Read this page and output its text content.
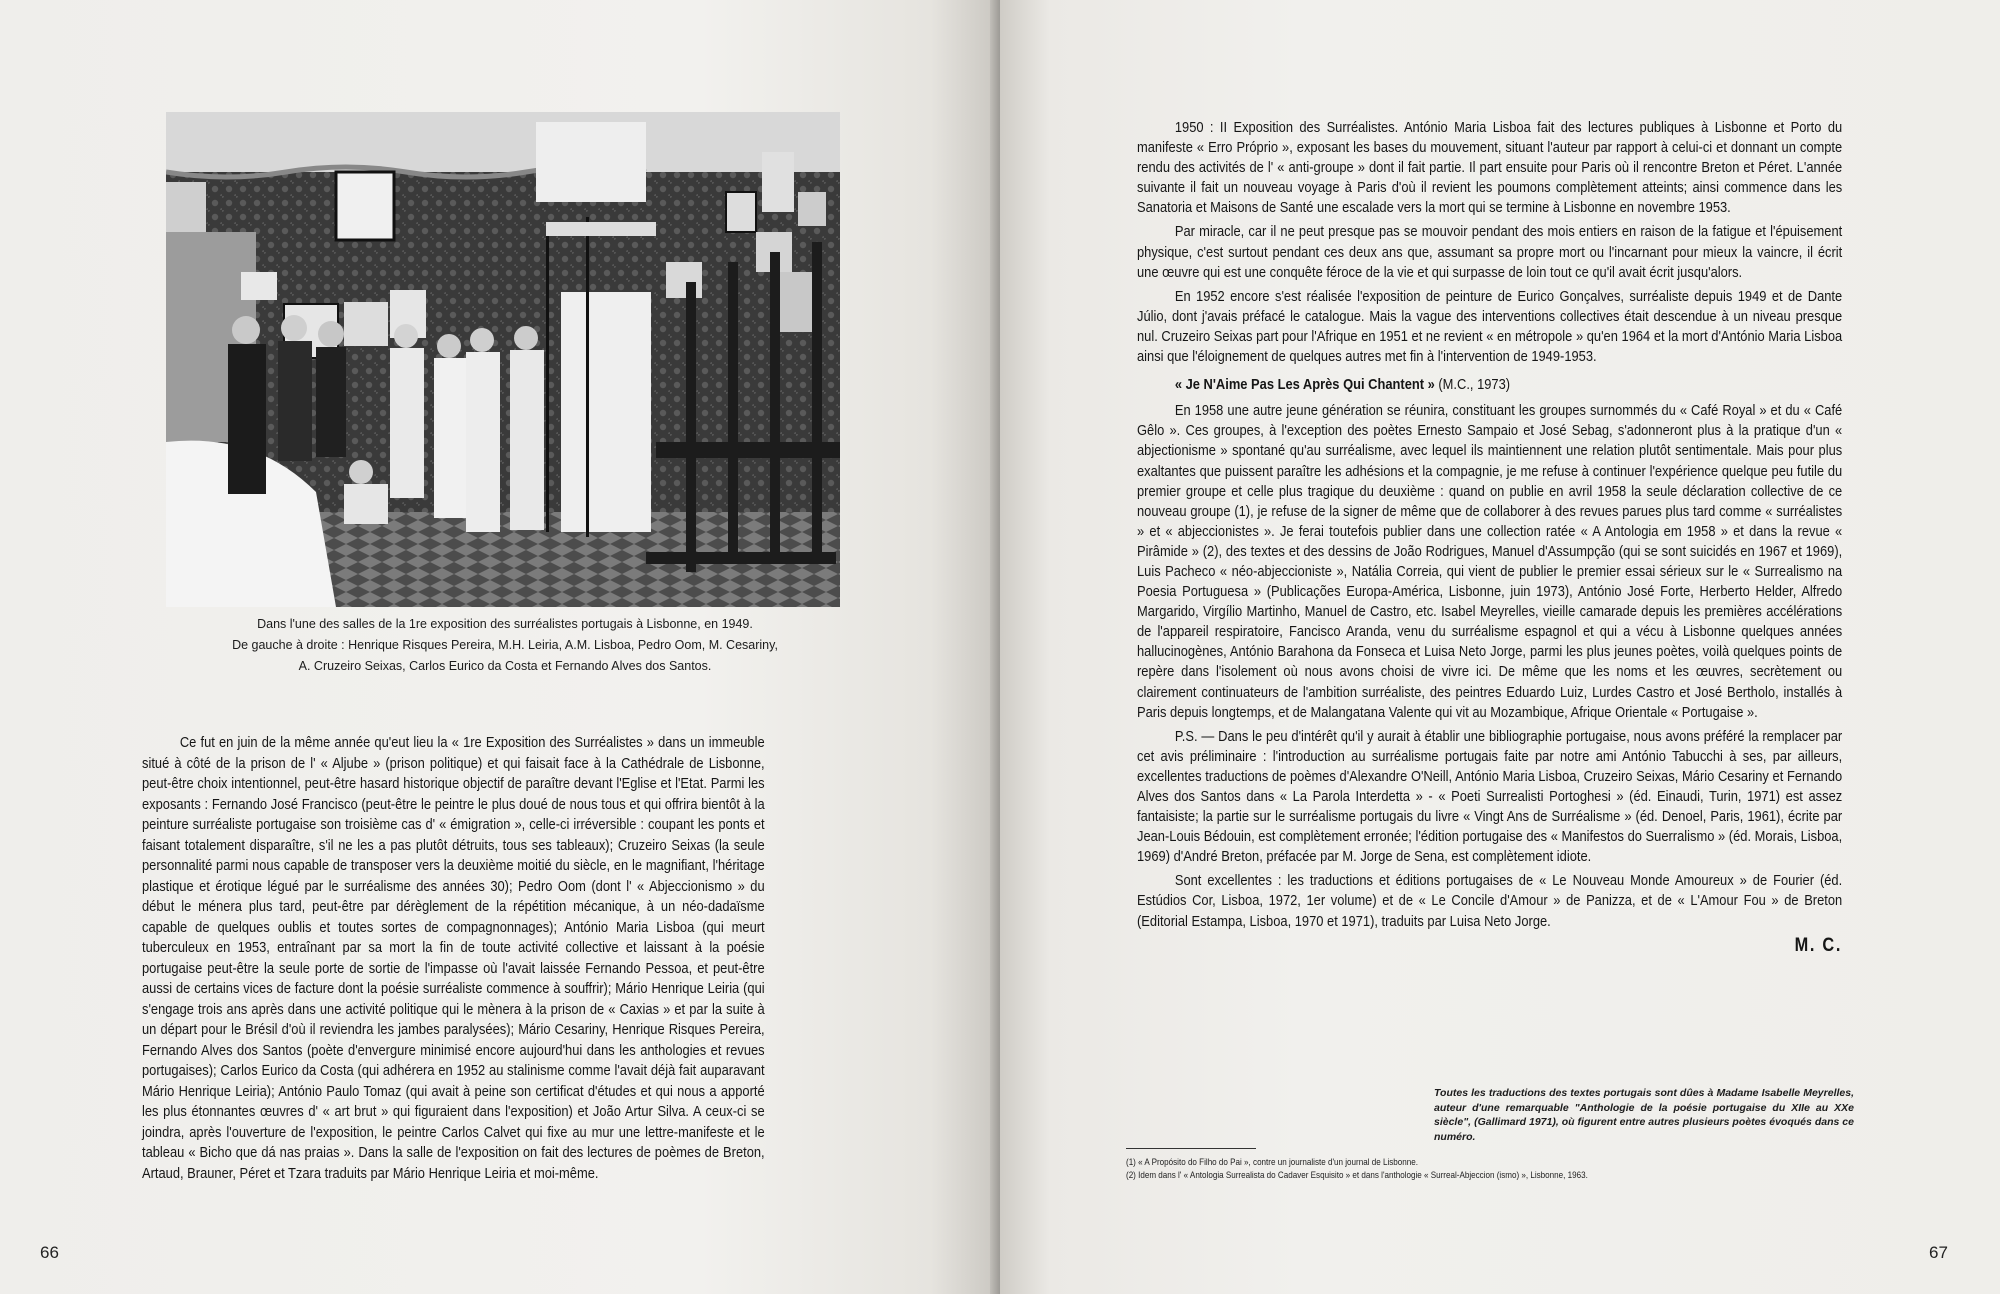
Dans l'une des salles de la 1re exposition des surréalistes portugais à Lisbonne, en 1949.
De gauche à droite : Henrique Risques Pereira, M.H. Leiria, A.M. Lisboa, Pedro Oom, M. Cesariny,
A. Cruzeiro Seixas, Carlos Eurico da Costa et Fernando Alves dos Santos.

Ce fut en juin de la même année qu'eut lieu la « 1re Exposition des Surréalistes » dans un immeuble situé à côté de la prison de l' « Aljube » (prison politique) et qui faisait face à la Cathédrale de Lisbonne, peut-être choix intentionnel, peut-être hasard historique objectif de paraître devant l'Eglise et l'Etat. Parmi les exposants : Fernando José Francisco (peut-être le peintre le plus doué de nous tous et qui offrira bientôt à la peinture surréaliste portugaise son troisième cas d' « émigration », celle-ci irréversible : coupant les ponts et faisant totalement disparaître, s'il ne les a pas plutôt détruits, tous ses tableaux); Cruzeiro Seixas (la seule personnalité parmi nous capable de transposer vers la deuxième moitié du siècle, en le magnifiant, l'héritage plastique et érotique légué par le surréalisme des années 30); Pedro Oom (dont l' « Abjeccionismo » du début le ménera plus tard, peut-être par dérèglement de la répétition mécanique, à un néo-dadaïsme capable de quelques oublis et toutes sortes de compagnonnages); António Maria Lisboa (qui meurt tuberculeux en 1953, entraînant par sa mort la fin de toute activité collective et laissant à la poésie portugaise peut-être la seule porte de sortie de l'impasse où l'avait laissée Fernando Pessoa, et peut-être aussi de certains vices de facture dont la poésie surréaliste commence à souffrir); Mário Henrique Leiria (qui s'engage trois ans après dans une activité politique qui le mènera à la prison de « Caxias » et par la suite à un départ pour le Brésil d'où il reviendra les jambes paralysées); Mário Cesariny, Henrique Risques Pereira, Fernando Alves dos Santos (poète d'envergure minimisé encore aujourd'hui dans les anthologies et revues portugaises); Carlos Eurico da Costa (qui adhérera en 1952 au stalinisme comme l'avait déjà fait auparavant Mário Henrique Leiria); António Paulo Tomaz (qui avait à peine son certificat d'études et qui nous a apporté les plus étonnantes œuvres d' « art brut » qui figuraient dans l'exposition) et João Artur Silva. A ceux-ci se joindra, après l'ouverture de l'exposition, le peintre Carlos Calvet qui fixe au mur une lettre-manifeste et le tableau « Bicho que dá nas praias ». Dans la salle de l'exposition on fait des lectures de poèmes de Breton, Artaud, Brauner, Péret et Tzara traduits par Mário Henrique Leiria et moi-même.

66

1950 : II Exposition des Surréalistes. António Maria Lisboa fait des lectures publiques à Lisbonne et Porto du manifeste « Erro Próprio », exposant les bases du mouvement, situant l'auteur par rapport à celui-ci et donnant un compte rendu des activités de l' « anti-groupe » dont il fait partie. Il part ensuite pour Paris où il rencontre Breton et Péret. L'année suivante il fait un nouveau voyage à Paris d'où il revient les poumons complètement atteints; ainsi commence dans les Sanatoria et Maisons de Santé une escalade vers la mort qui se termine à Lisbonne en novembre 1953.

Par miracle, car il ne peut presque pas se mouvoir pendant des mois entiers en raison de la fatigue et l'épuisement physique, c'est surtout pendant ces deux ans que, assumant sa propre mort ou l'incarnant pour mieux la vaincre, il écrit une œuvre qui est une conquête féroce de la vie et qui surpasse de loin tout ce qu'il avait écrit jusqu'alors.

En 1952 encore s'est réalisée l'exposition de peinture de Eurico Gonçalves, surréaliste depuis 1949 et de Dante Júlio, dont j'avais préfacé le catalogue. Mais la vague des interventions collectives était descendue à un niveau presque nul. Cruzeiro Seixas part pour l'Afrique en 1951 et ne revient « en métropole » qu'en 1964 et la mort d'António Maria Lisboa ainsi que l'éloignement de quelques autres met fin à l'intervention de 1949-1953.

« Je N'Aime Pas Les Après Qui Chantent » (M.C., 1973)

En 1958 une autre jeune génération se réunira, constituant les groupes surnommés du « Café Royal » et du « Café Gêlo ». Ces groupes, à l'exception des poètes Ernesto Sampaio et José Sebag, s'adonneront plus à la pratique d'un « abjectionisme » spontané qu'au surréalisme, avec lequel ils maintiennent une relation plutôt sentimentale. Mais pour plus exaltantes que puissent paraître les adhésions et la compagnie, je me refuse à continuer l'expérience quelque peu futile du premier groupe et celle plus tragique du deuxième : quand on publie en avril 1958 la seule déclaration collective de ce nouveau groupe (1), je refuse de la signer de même que de collaborer à des revues parues plus tard comme « surréalistes » et « abjeccionistes ». Je ferai toutefois publier dans une collection ratée « A Antologia em 1958 » et dans la revue « Pirâmide » (2), des textes et des dessins de João Rodrigues, Manuel d'Assumpção (qui se sont suicidés en 1967 et 1969), Luis Pacheco « néo-abjeccioniste », Natália Correia, qui vient de publier le premier essai sérieux sur le « Surrealismo na Poesia Portuguesa » (Publicações Europa-América, Lisbonne, juin 1973), António José Forte, Herberto Helder, Alfredo Margarido, Virgílio Martinho, Manuel de Castro, etc. Isabel Meyrelles, vieille camarade depuis les premières accélérations de l'appareil respiratoire, Fancisco Aranda, venu du surréalisme espagnol et qui a vécu à Lisbonne quelques années hallucinogènes, António Barahona da Fonseca et Luisa Neto Jorge, parmi les plus jeunes poètes, voilà quelques points de repère dans l'isolement où nous avons choisi de vivre ici. De même que les noms et les œuvres, secrètement ou clairement continuateurs de l'ambition surréaliste, des peintres Eduardo Luiz, Lurdes Castro et José Bertholo, installés à Paris depuis longtemps, et de Malangatana Valente qui vit au Mozambique, Afrique Orientale « Portugaise ».

P.S. — Dans le peu d'intérêt qu'il y aurait à établir une bibliographie portugaise, nous avons préféré la remplacer par cet avis préliminaire : l'introduction au surréalisme portugais faite par notre ami António Tabucchi à ses, par ailleurs, excellentes traductions de poèmes d'Alexandre O'Neill, António Maria Lisboa, Cruzeiro Seixas, Mário Cesariny et Fernando Alves dos Santos dans « La Parola Interdetta » - « Poeti Surrealisti Portoghesi » (éd. Einaudi, Turin, 1971) est assez fantaisiste; la partie sur le surréalisme portugais du livre « Vingt Ans de Surréalisme » (éd. Denoel, Paris, 1961), écrite par Jean-Louis Bédouin, est complètement erronée; l'édition portugaise des « Manifestos do Suerralismo » (éd. Morais, Lisboa, 1969) d'André Breton, préfacée par M. Jorge de Sena, est complètement idiote.

Sont excellentes : les traductions et éditions portugaises de « Le Nouveau Monde Amoureux » de Fourier (éd. Estúdios Cor, Lisboa, 1972, 1er volume) et de « Le Concile d'Amour » de Panizza, et de « L'Amour Fou » de Breton (Editorial Estampa, Lisboa, 1970 et 1971), traduits par Luisa Neto Jorge.

M. C.
Toutes les traductions des textes portugais sont dûes à Madame Isabelle Meyrelles, auteur d'une remarquable "Anthologie de la poésie portugaise du XIIe au XXe siècle", (Gallimard 1971), où figurent entre autres plusieurs poètes évoqués dans ce numéro.
(1) « A Propósito do Filho do Pai », contre un journaliste d'un journal de Lisbonne.
(2) Idem dans l' « Antologia Surrealista do Cadaver Esquisito » et dans l'anthologie « Surreal-Abjeccion (ismo) », Lisbonne, 1963.
67
